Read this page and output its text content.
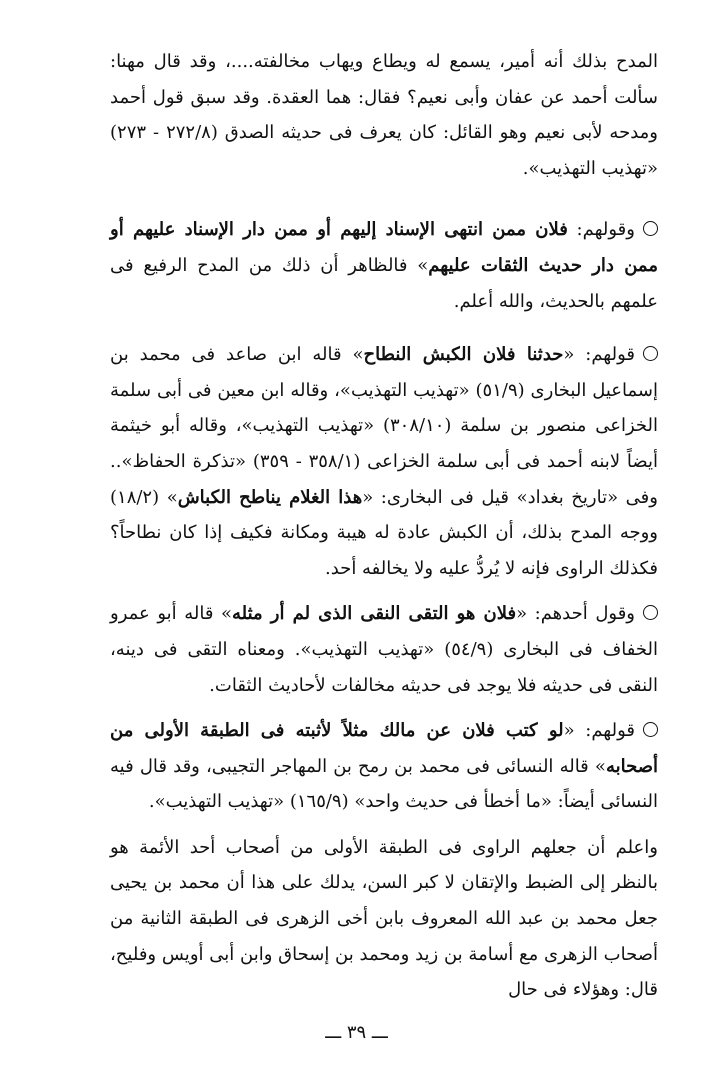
المدح بذلك أنه أمير، يسمع له ويطاع ويهاب مخالفته....، وقد قال مهنا: سألت أحمد عن عفان وأبى نعيم؟ فقال: هما العقدة. وقد سبق قول أحمد ومدحه لأبى نعيم وهو القائل: كان يعرف فى حديثه الصدق (٢٧٢/٨ - ٢٧٣) «تهذيب التهذيب».

وقولهم: فلان ممن انتهى الإسناد إليهم أو ممن دار الإسناد عليهم أو ممن دار حديث الثقات عليهم» فالظاهر أن ذلك من المدح الرفيع فى علمهم بالحديث، والله أعلم.

قولهم: «حدثنا فلان الكبش النطاح» قاله ابن صاعد فى محمد بن إسماعيل البخارى (٥١/٩) «تهذيب التهذيب»، وقاله ابن معين فى أبى سلمة الخزاعى منصور بن سلمة (٣٠٨/١٠) «تهذيب التهذيب»، وقاله أبو خيثمة أيضاً لابنه أحمد فى أبى سلمة الخزاعى (٣٥٨/١ - ٣٥٩) «تذكرة الحفاظ».. وفى «تاريخ بغداد» قيل فى البخارى: «هذا الغلام يناطح الكباش» (١٨/٢) ووجه المدح بذلك، أن الكبش عادة له هيبة ومكانة فكيف إذا كان نطاحاً؟ فكذلك الراوى فإنه لا يُردُّ عليه ولا يخالفه أحد.

وقول أحدهم: «فلان هو التقى النقى الذى لم أر مثله» قاله أبو عمرو الخفاف فى البخارى (٥٤/٩) «تهذيب التهذيب». ومعناه التقى فى دينه، النقى فى حديثه فلا يوجد فى حديثه مخالفات لأحاديث الثقات.

قولهم: «لو كتب فلان عن مالك مثلاً لأثبته فى الطبقة الأولى من أصحابه» قاله النسائى فى محمد بن رمح بن المهاجر التجيبى، وقد قال فيه النسائى أيضاً: «ما أخطأ فى حديث واحد» (١٦٥/٩) «تهذيب التهذيب».

واعلم أن جعلهم الراوى فى الطبقة الأولى من أصحاب أحد الأئمة هو بالنظر إلى الضبط والإتقان لا كبر السن، يدلك على هذا أن محمد بن يحيى جعل محمد بن عبد الله المعروف بابن أخى الزهرى فى الطبقة الثانية من أصحاب الزهرى مع أسامة بن زيد ومحمد بن إسحاق وابن أبى أويس وفليح، قال: وهؤلاء فى حال

ـــ ٣٩ ـــ
